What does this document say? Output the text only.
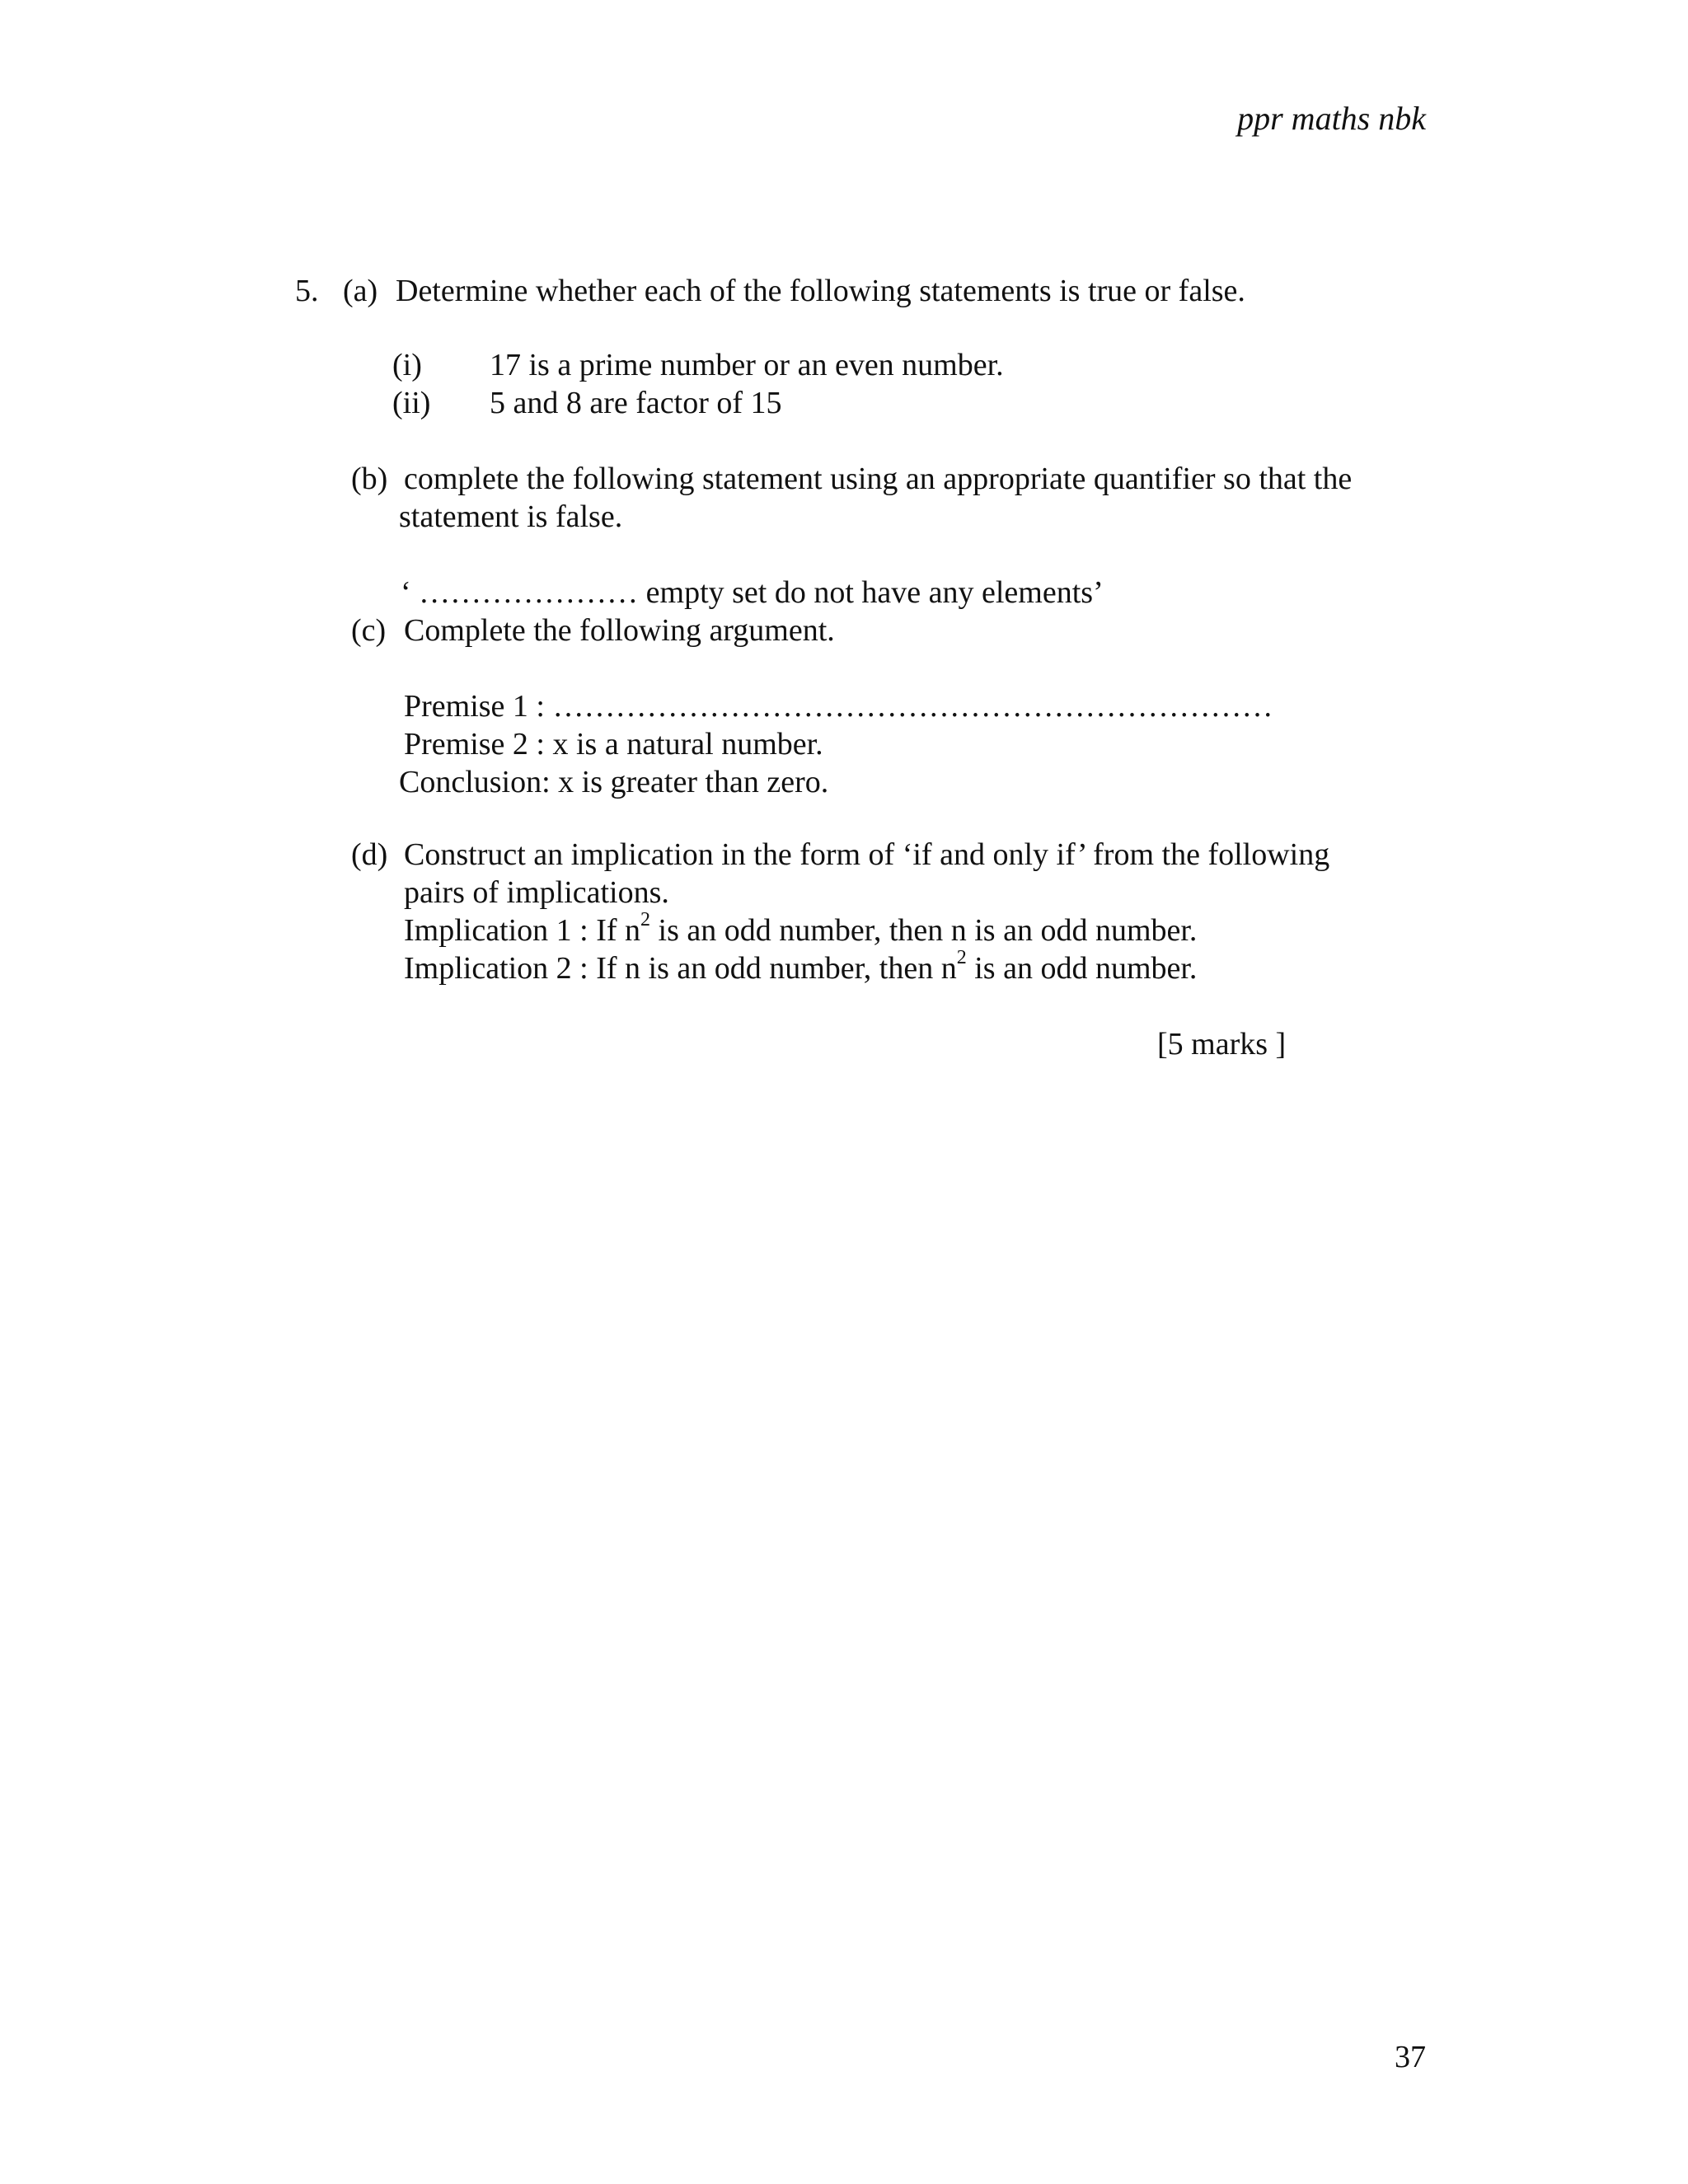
ppr maths nbk
5. (a) Determine whether each of the following statements is true or false.
(i) 17 is a prime number or an even number.
(ii) 5 and 8 are factor of 15
(b) complete the following statement using an appropriate quantifier so that the
statement is false.
‘ ………………… empty set do not have any elements’
(c) Complete the following argument.
Premise 1 : ……………………………………………………………
Premise 2 : x is a natural number.
Conclusion: x is greater than zero.
(d) Construct an implication in the form of ‘if and only if’ from the following
pairs of implications.
Implication 1 : If $n^2$ is an odd number, then n is an odd number.
Implication 2 : If n is an odd number, then $n^2$ is an odd number.
[5 marks ]
37
